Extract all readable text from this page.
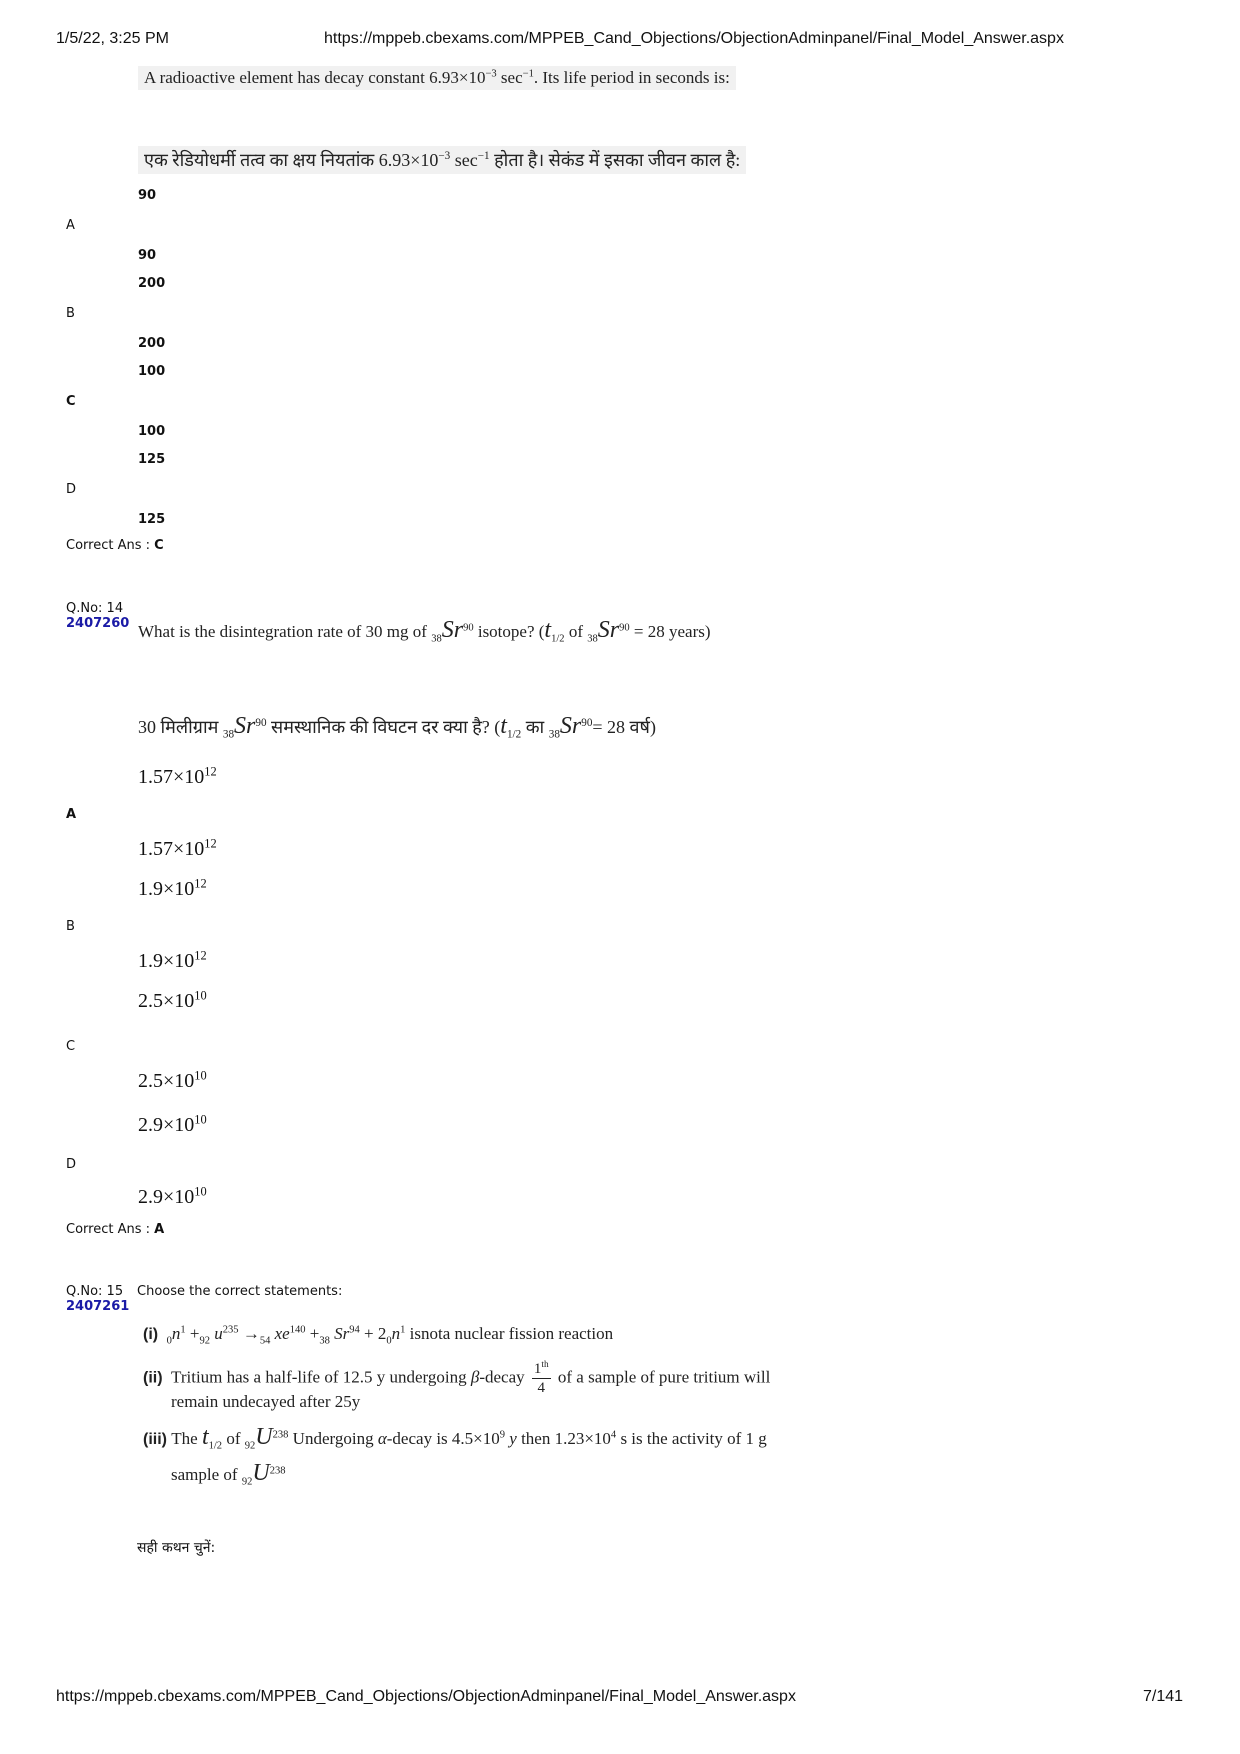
1/5/22, 3:25 PM	https://mppeb.cbexams.com/MPPEB_Cand_Objections/ObjectionAdminpanel/Final_Model_Answer.aspx
A radioactive element has decay constant $6.93\times 10^{-3}$ $\sec^{-1}$. Its life period in seconds is:
एक रेडियोधर्मी तत्व का क्षय नियतांक $6.93\times 10^{-3}$ $\sec^{-1}$ होता है। सेकंड में इसका जीवन काल है:
90
A
90
200
B
200
100
C
100
125
D
125
Correct Ans : C
Q.No: 14
2407260 What is the disintegration rate of 30 mg of $_{38}Sr^{90}$ isotope? ($t_{1/2}$ of $_{38}Sr^{90} = 28$ years)
30 मिलीग्राम $_{38}Sr^{90}$ समस्थानिक की विघटन दर क्या है? ($t_{1/2}$ का $_{38}Sr^{90}= 28$ वर्ष)
$1.57\times 10^{12}$
A
$1.57\times 10^{12}$
$1.9\times 10^{12}$
B
$1.9\times 10^{12}$
$2.5\times 10^{10}$
C
$2.5\times 10^{10}$
$2.9\times 10^{10}$
D
$2.9\times 10^{10}$
Correct Ans : A
Q.No: 15
2407261
Choose the correct statements:
(i) $_0n^1 +_{92}$ $u^{235} \to_{54}$ $xe^{140} +_{38}$ $Sr^{94} + 2_0n^1$ isnota nuclear fission reaction
(ii) Tritium has a half-life of 12.5 y undergoing β-decay $\frac{1^{th}}{4}$ of a sample of pure tritium will
remain undecayed after 25y
(iii) The $t_{1/2}$ of $_{92}U^{238}$ Undergoing α-decay is $4.5\times 10^9$ y then $1.23\times 10^4$ s is the activity of 1 g
sample of $_{92}U^{238}$
सही कथन चुनें:
https://mppeb.cbexams.com/MPPEB_Cand_Objections/ObjectionAdminpanel/Final_Model_Answer.aspx	7/141
